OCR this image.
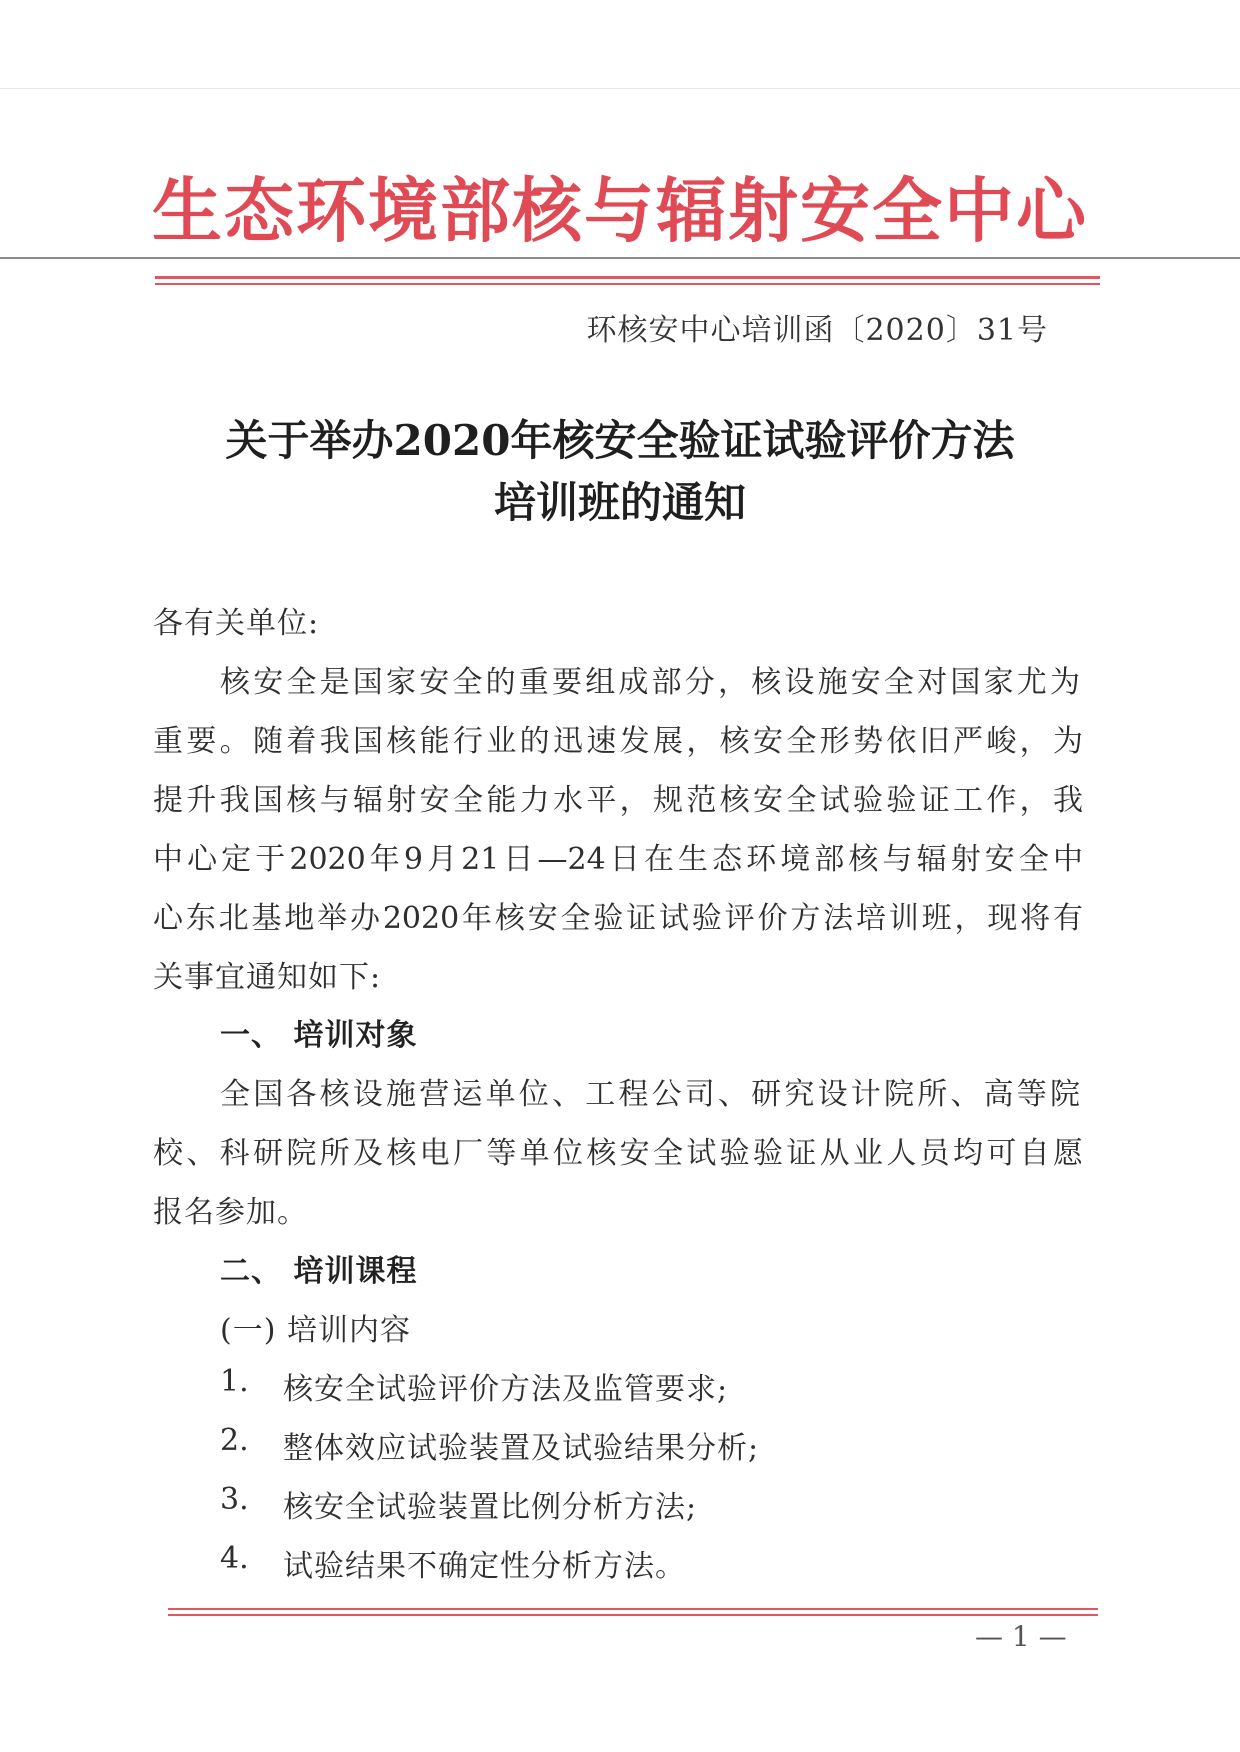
生态环境部核与辐射安全中心
环核安中心培训函〔2020〕31号
关于举办2020年核安全验证试验评价方法
培训班的通知
各有关单位:
核安全是国家安全的重要组成部分，核设施安全对国家尤为
重要。随着我国核能行业的迅速发展，核安全形势依旧严峻，为
提升我国核与辐射安全能力水平，规范核安全试验验证工作，我
中心定于2020年9月21日—24日在生态环境部核与辐射安全中
心东北基地举办2020年核安全验证试验评价方法培训班，现将有
关事宜通知如下:
一、 培训对象
全国各核设施营运单位、工程公司、研究设计院所、高等院
校、科研院所及核电厂等单位核安全试验验证从业人员均可自愿
报名参加。
二、 培训课程
(一) 培训内容
1. 核安全试验评价方法及监管要求;
2. 整体效应试验装置及试验结果分析;
3. 核安全试验装置比例分析方法;
4. 试验结果不确定性分析方法。
— 1 —
